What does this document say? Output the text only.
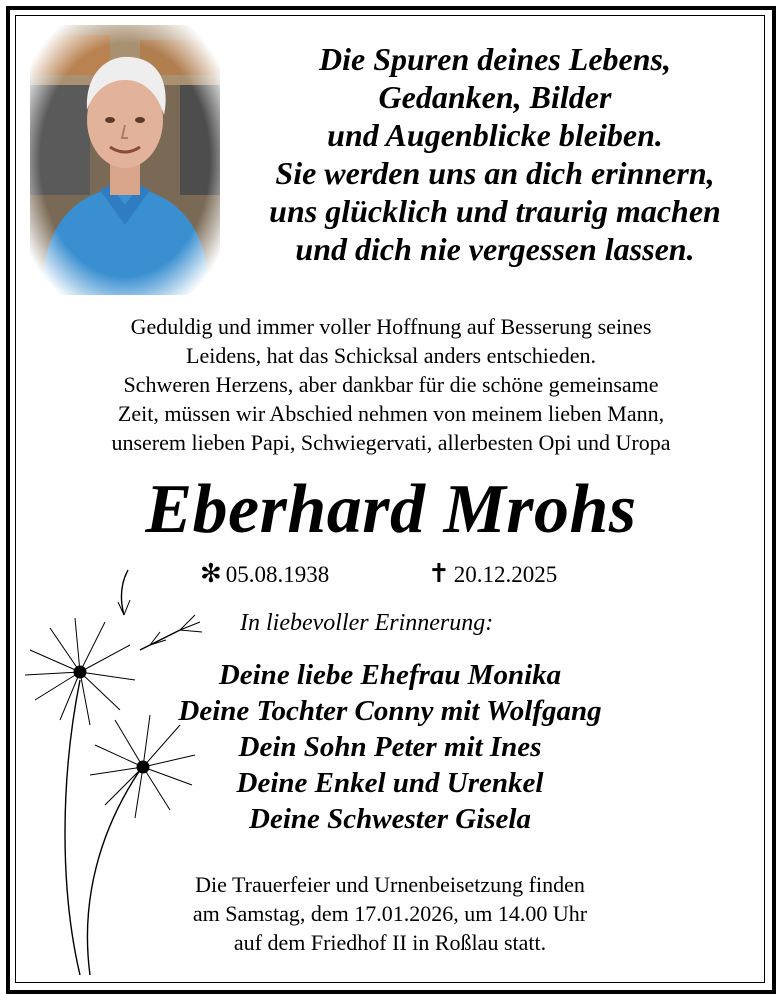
Die Spuren deines Lebens,
Gedanken, Bilder
und Augenblicke bleiben.
Sie werden uns an dich erinnern,
uns glücklich und traurig machen
und dich nie vergessen lassen.
Geduldig und immer voller Hoffnung auf Besserung seines
Leidens, hat das Schicksal anders entschieden.
Schweren Herzens, aber dankbar für die schöne gemeinsame
Zeit, müssen wir Abschied nehmen von meinem lieben Mann,
unserem lieben Papi, Schwiegervati, allerbesten Opi und Uropa
Eberhard Mrohs
✻ 05.08.1938	✝ 20.12.2025
In liebevoller Erinnerung:
Deine liebe Ehefrau Monika
Deine Tochter Conny mit Wolfgang
Dein Sohn Peter mit Ines
Deine Enkel und Urenkel
Deine Schwester Gisela
Die Trauerfeier und Urnenbeisetzung finden
am Samstag, dem 17.01.2026, um 14.00 Uhr
auf dem Friedhof II in Roßlau statt.
